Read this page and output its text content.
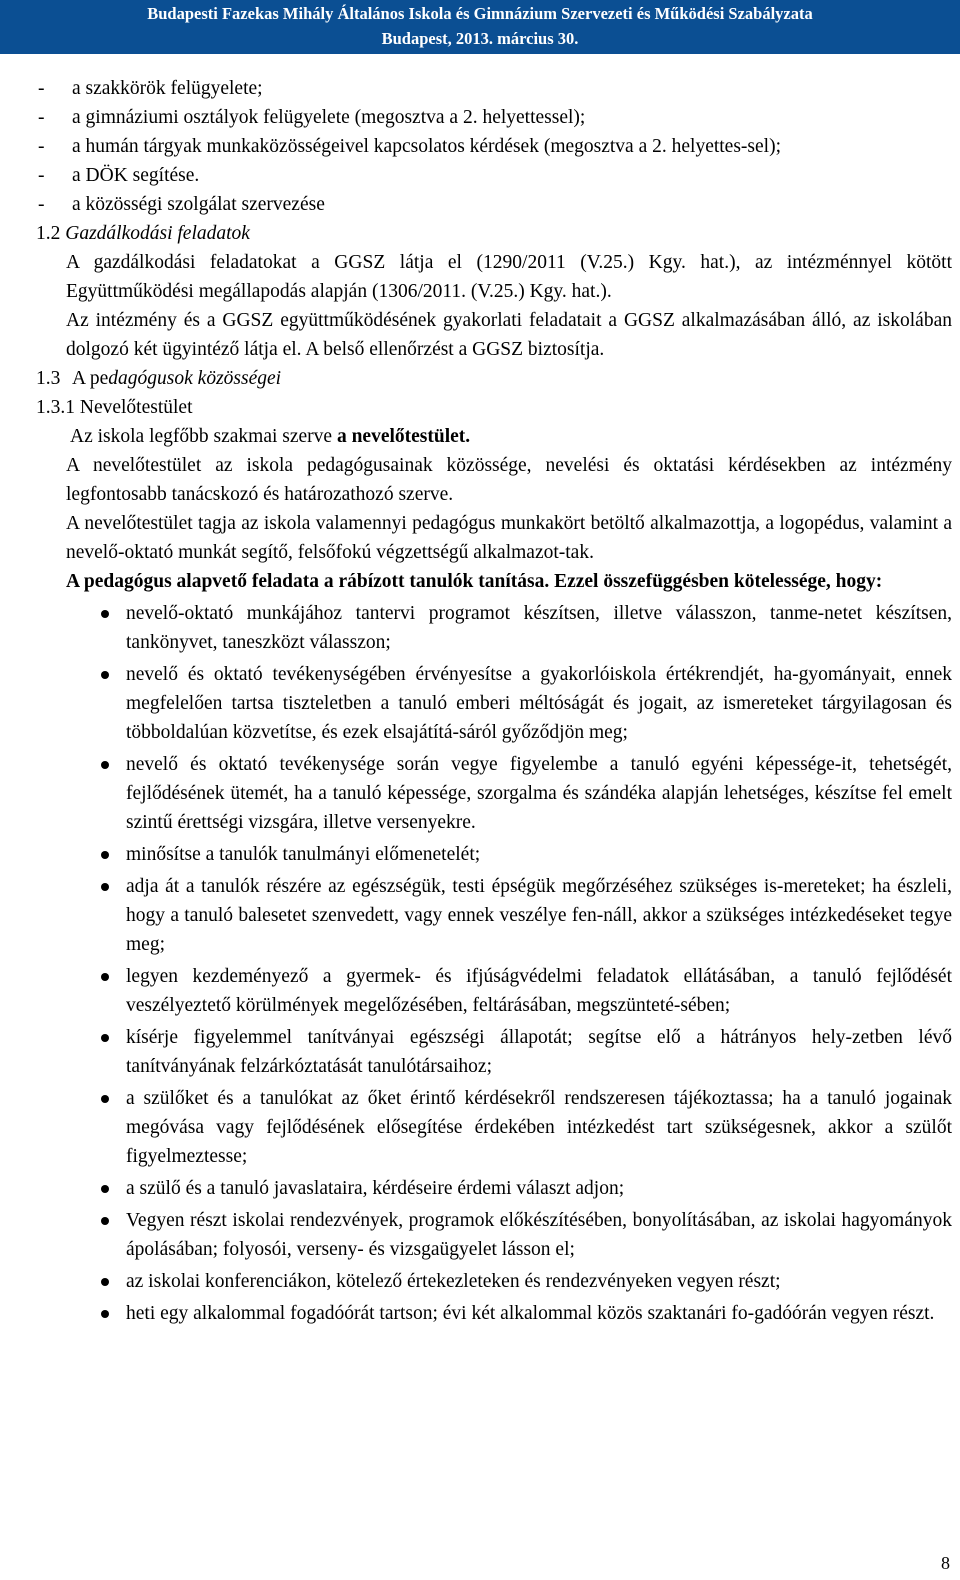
Budapesti Fazekas Mihály Általános Iskola és Gimnázium Szervezeti és Működési Szabályzata
Budapest, 2013. március 30.
-	a szakkörök felügyelete;
-	a gimnáziumi osztályok felügyelete (megosztva a 2. helyettessel);
-	a humán tárgyak munkaközösségeivel kapcsolatos kérdések (megosztva a 2. helyettes-sel);
-	a DÖK segítése.
-	a közösségi szolgálat szervezése

1.2 Gazdálkodási feladatok

A gazdálkodási feladatokat a GGSZ látja el (1290/2011 (V.25.) Kgy. hat.), az intézménnyel kötött Együttműködési megállapodás alapján (1306/2011. (V.25.) Kgy. hat.).

Az intézmény és a GGSZ együttműködésének gyakorlati feladatait a GGSZ alkalmazásában álló, az iskolában dolgozó két ügyintéző látja el. A belső ellenőrzést a GGSZ biztosítja.

1.3 A pedagógusok közösségei

1.3.1 Nevelőtestület

Az iskola legfőbb szakmai szerve a nevelőtestület.

A nevelőtestület az iskola pedagógusainak közössége, nevelési és oktatási kérdésekben az intézmény legfontosabb tanácskozó és határozathozó szerve.

A nevelőtestület tagja az iskola valamennyi pedagógus munkakört betöltő alkalmazottja, a logopédus, valamint a nevelő-oktató munkát segítő, felsőfokú végzettségű alkalmazot-tak.

A pedagógus alapvető feladata a rábízott tanulók tanítása. Ezzel összefüggésben kötelessége, hogy:

nevelő-oktató munkájához tantervi programot készítsen, illetve válasszon, tanme-netet készítsen, tankönyvet, taneszközt válasszon;
nevelő és oktató tevékenységében érvényesítse a gyakorlóiskola értékrendjét, ha-gyományait, ennek megfelelően tartsa tiszteletben a tanuló emberi méltóságát és jogait, az ismereteket tárgyilagosan és többoldalúan közvetítse, és ezek elsajátítá-sáról győződjön meg;
nevelő és oktató tevékenysége során vegye figyelembe a tanuló egyéni képessége-it, tehetségét, fejlődésének ütemét, ha a tanuló képessége, szorgalma és szándéka alapján lehetséges, készítse fel emelt szintű érettségi vizsgára, illetve versenyekre.
minősítse a tanulók tanulmányi előmenetelét;
adja át a tanulók részére az egészségük, testi épségük megőrzéséhez szükséges is-mereteket; ha észleli, hogy a tanuló balesetet szenvedett, vagy ennek veszélye fen-náll, akkor a szükséges intézkedéseket tegye meg;
legyen kezdeményező a gyermek- és ifjúságvédelmi feladatok ellátásában, a tanuló fejlődését veszélyeztető körülmények megelőzésében, feltárásában, megszünteté-sében;
kísérje figyelemmel tanítványai egészségi állapotát; segítse elő a hátrányos hely-zetben lévő tanítványának felzárkóztatását tanulótársaihoz;
a szülőket és a tanulókat az őket érintő kérdésekről rendszeresen tájékoztassa; ha a tanuló jogainak megóvása vagy fejlődésének elősegítése érdekében intézkedést tart szükségesnek, akkor a szülőt figyelmeztesse;
a szülő és a tanuló javaslataira, kérdéseire érdemi választ adjon;
Vegyen részt iskolai rendezvények, programok előkészítésében, bonyolításában, az iskolai hagyományok ápolásában; folyosói, verseny- és vizsgaügyelet lásson el;
az iskolai konferenciákon, kötelező értekezleteken és rendezvényeken vegyen részt;
heti egy alkalommal fogadóórát tartson; évi két alkalommal közös szaktanári fo-gadóórán vegyen részt.
8
